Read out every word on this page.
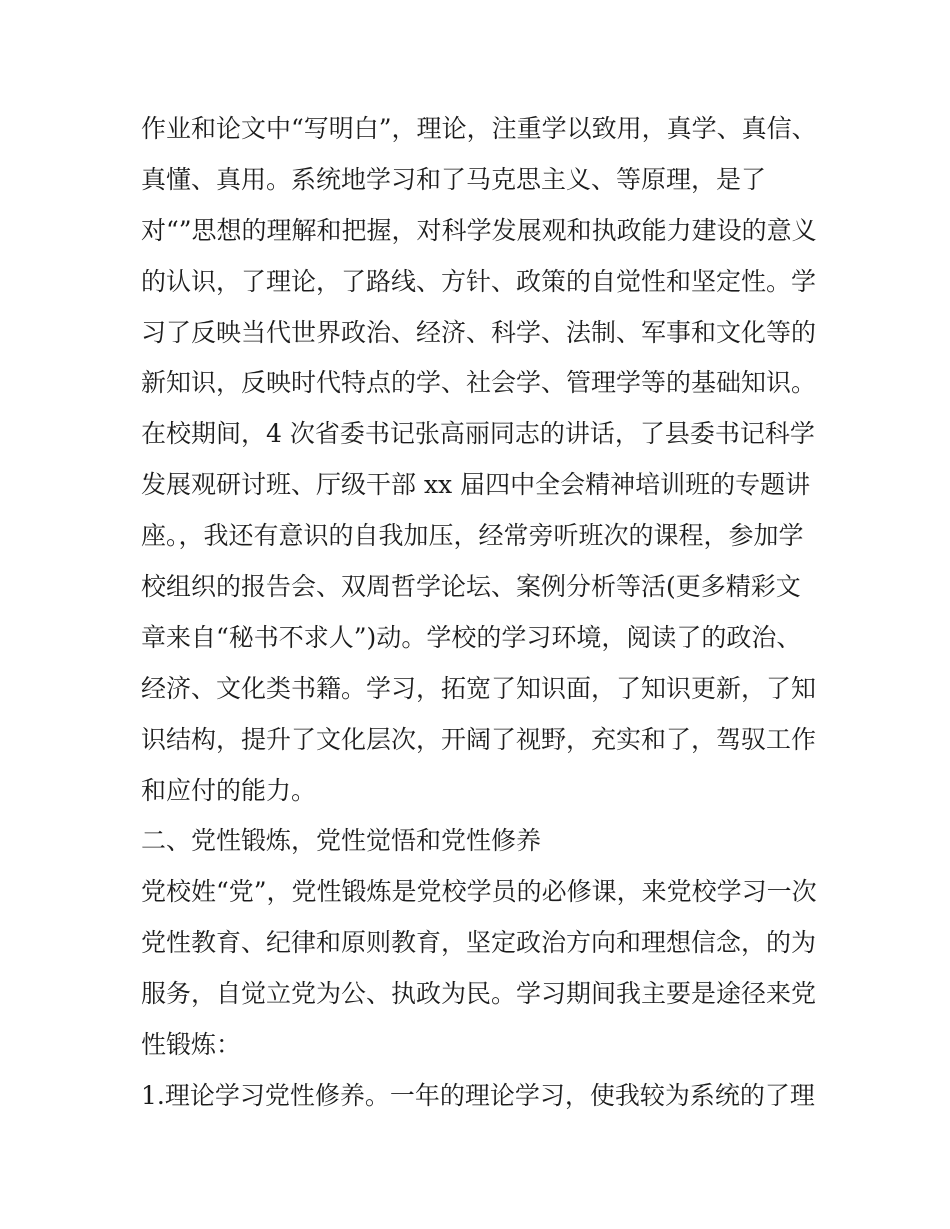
作业和论文中“写明白”，理论，注重学以致用，真学、真信、
真懂、真用。系统地学习和了马克思主义、等原理，是了
对“”思想的理解和把握，对科学发展观和执政能力建设的意义
的认识，了理论，了路线、方针、政策的自觉性和坚定性。学
习了反映当代世界政治、经济、科学、法制、军事和文化等的
新知识，反映时代特点的学、社会学、管理学等的基础知识。
在校期间，4 次省委书记张高丽同志的讲话，了县委书记科学
发展观研讨班、厅级干部 xx 届四中全会精神培训班的专题讲
座。，我还有意识的自我加压，经常旁听班次的课程，参加学
校组织的报告会、双周哲学论坛、案例分析等活(更多精彩文
章来自“秘书不求人”)动。学校的学习环境，阅读了的政治、
经济、文化类书籍。学习，拓宽了知识面，了知识更新，了知
识结构，提升了文化层次，开阔了视野，充实和了，驾驭工作
和应付的能力。
二、党性锻炼，党性觉悟和党性修养
党校姓“党”，党性锻炼是党校学员的必修课，来党校学习一次
党性教育、纪律和原则教育，坚定政治方向和理想信念，的为
服务，自觉立党为公、执政为民。学习期间我主要是途径来党
性锻炼：
1.理论学习党性修养。一年的理论学习，使我较为系统的了理
